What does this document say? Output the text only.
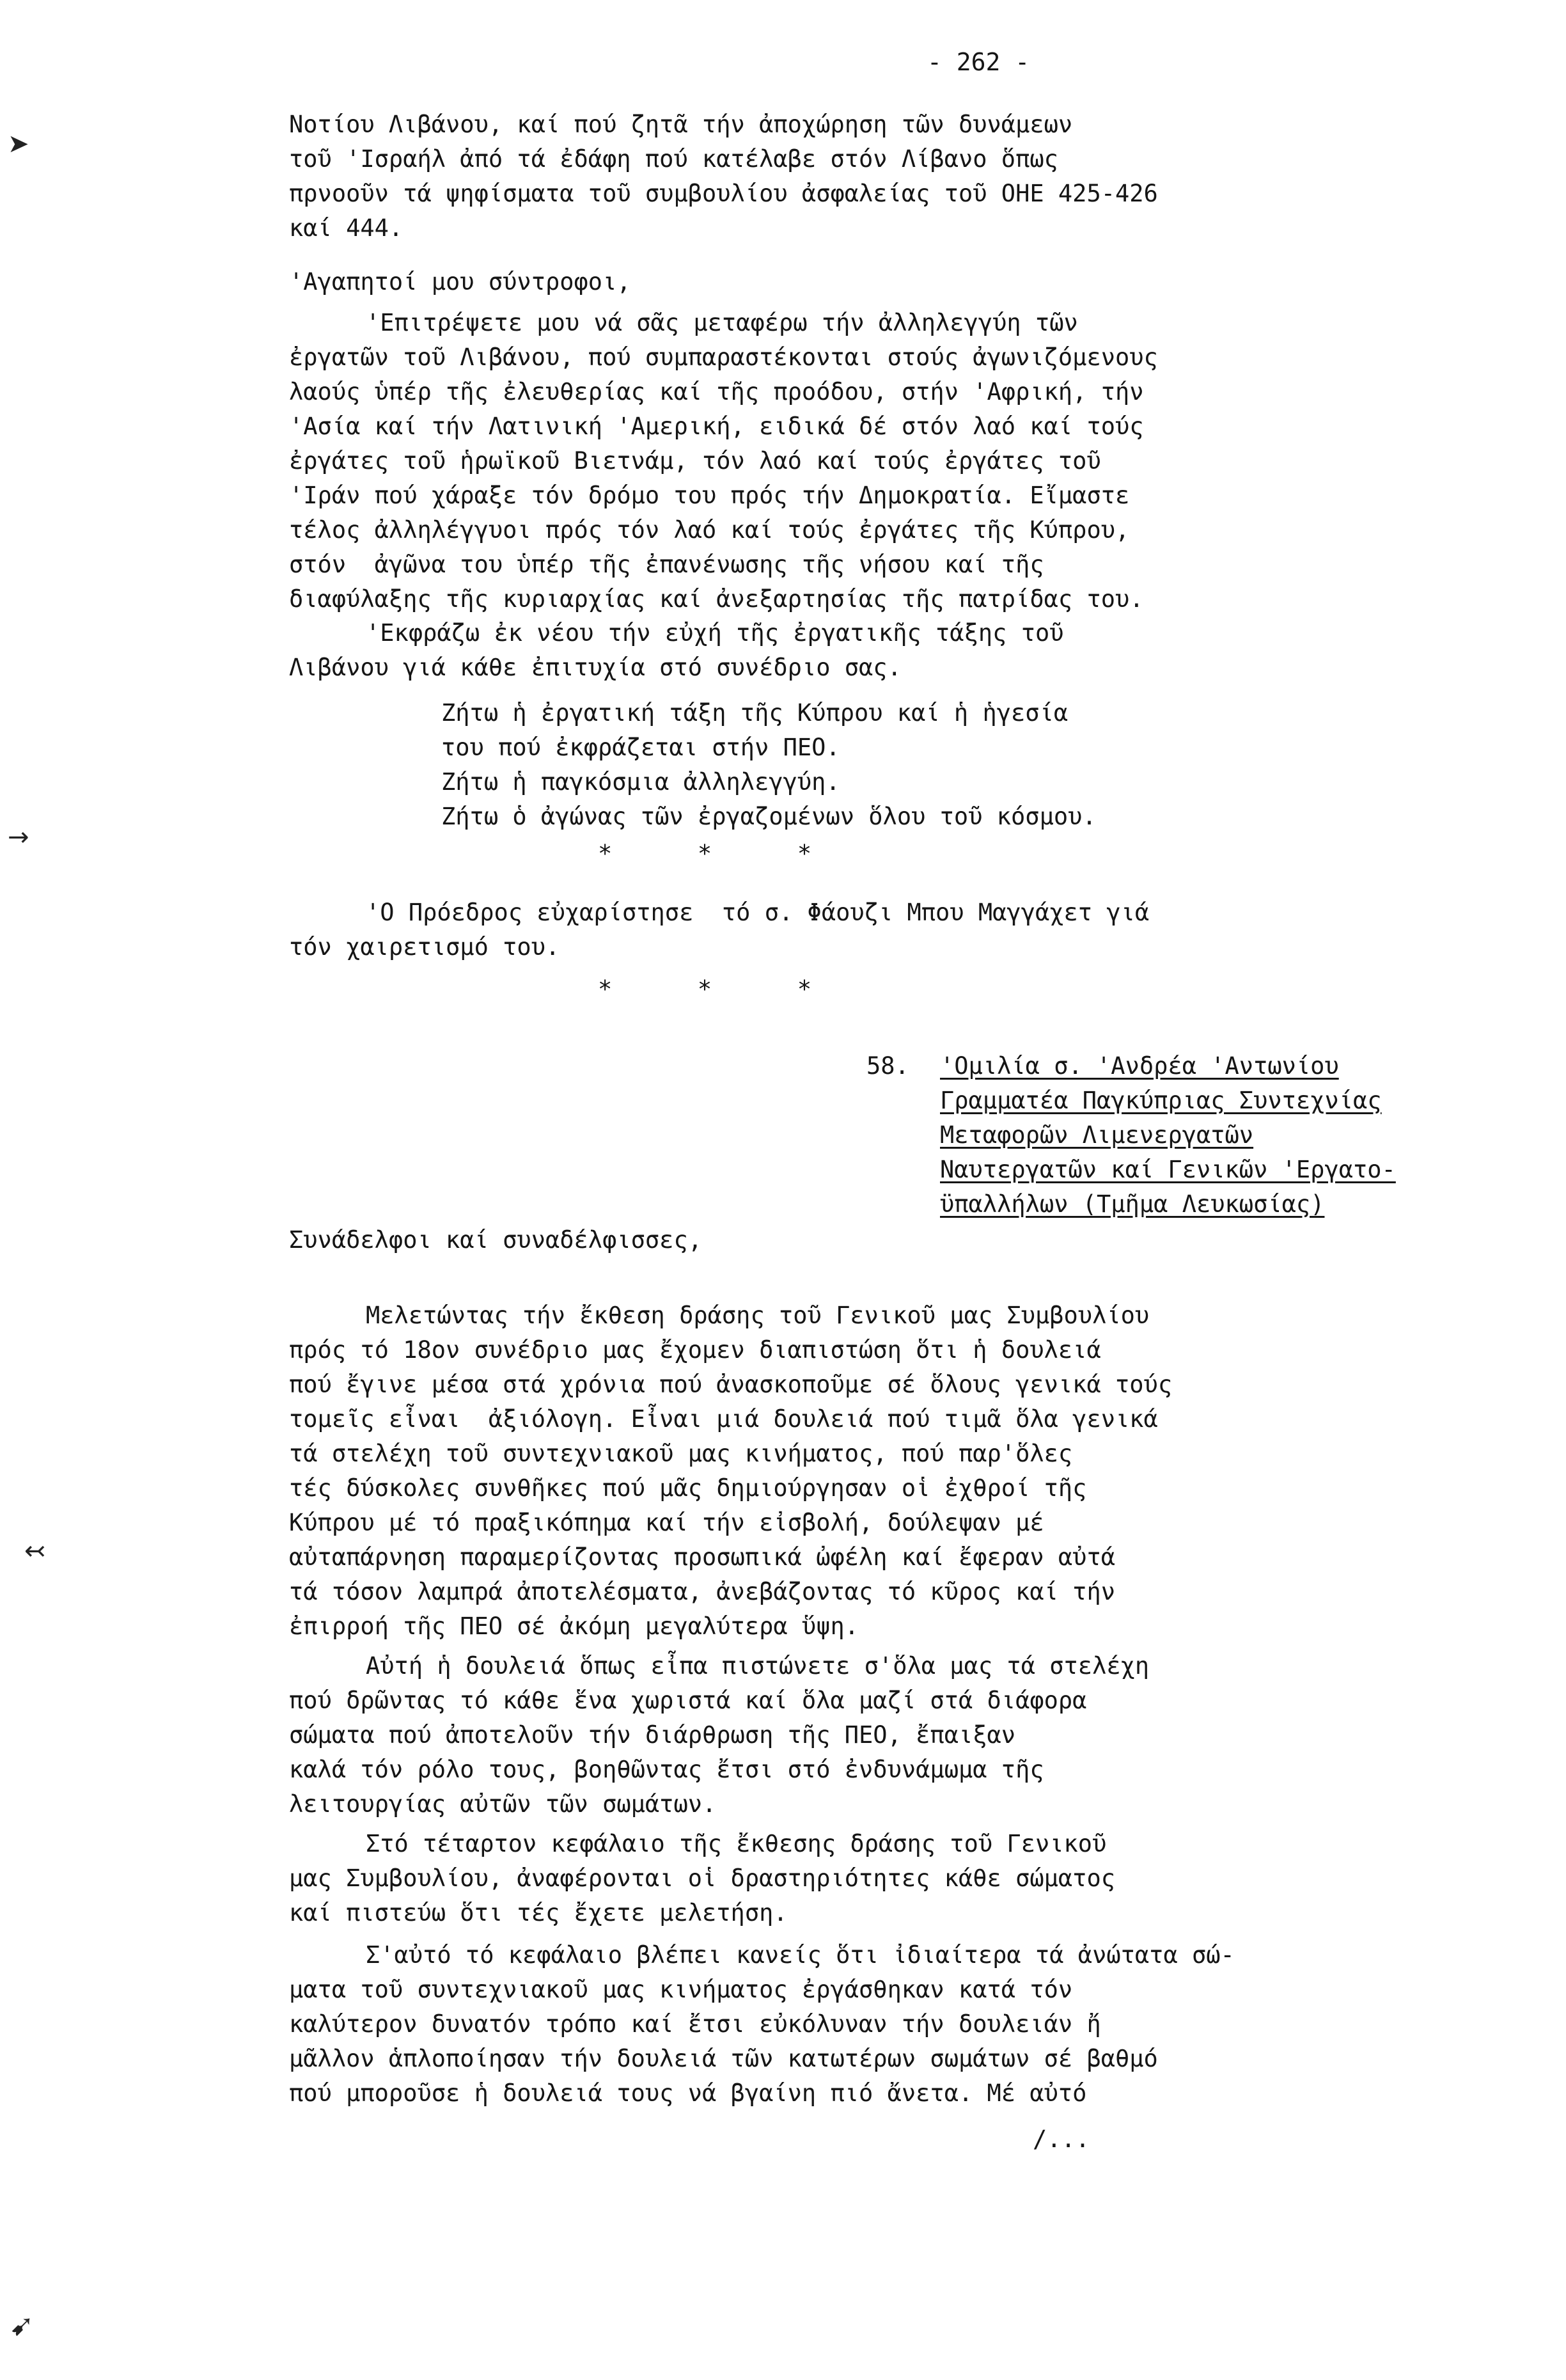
- 262 -
➤
→
↢
➹
Νοτίου Λιβάνου, καί πού ζητᾶ τήν ἀποχώρηση τῶν δυνάμεων
τοῦ 'Ισραήλ ἀπό τά ἐδάφη πού κατέλαβε στόν Λίβανο ὅπως
πρνοοῦν τά ψηφίσματα τοῦ συμβουλίου ἀσφαλείας τοῦ ΟΗΕ 425-426
καί 444.
'Αγαπητοί μου σύντροφοι,
'Επιτρέψετε μου νά σᾶς μεταφέρω τήν ἀλληλεγγύη τῶν
ἐργατῶν τοῦ Λιβάνου, πού συμπαραστέκονται στούς ἀγωνιζόμενους
λαούς ὑπέρ τῆς ἐλευθερίας καί τῆς προόδου, στήν 'Αφρική, τήν
'Ασία καί τήν Λατινική 'Αμερική, ειδικά δέ στόν λαό καί τούς
ἐργάτες τοῦ ἡρωϊκοῦ Βιετνάμ, τόν λαό καί τούς ἐργάτες τοῦ
'Ιράν πού χάραξε τόν δρόμο του πρός τήν Δημοκρατία. Εἴμαστε
τέλος ἀλληλέγγυοι πρός τόν λαό καί τούς ἐργάτες τῆς Κύπρου,
στόν  ἀγῶνα του ὑπέρ τῆς ἐπανένωσης τῆς νήσου καί τῆς
διαφύλαξης τῆς κυριαρχίας καί ἀνεξαρτησίας τῆς πατρίδας του.
'Εκφράζω ἐκ νέου τήν εὐχή τῆς ἐργατικῆς τάξης τοῦ
Λιβάνου γιά κάθε ἐπιτυχία στό συνέδριο σας.
Ζήτω ἡ ἐργατική τάξη τῆς Κύπρου καί ἡ ἡγεσία
του πού ἐκφράζεται στήν ΠΕΟ.
Ζήτω ἡ παγκόσμια ἀλληλεγγύη.
Ζήτω ὁ ἀγώνας τῶν ἐργαζομένων ὅλου τοῦ κόσμου.
*      *      *
'Ο Πρόεδρος εὐχαρίστησε  τό σ. Φάουζι Μπου Μαγγάχετ γιά
τόν χαιρετισμό του.
*      *      *
58. 'Ομιλία σ. 'Ανδρέα 'Αντωνίου
Γραμματέα Παγκύπριας Συντεχνίας
Μεταφορῶν Λιμενεργατῶν
Ναυτεργατῶν καί Γενικῶν 'Εργατο-
ϋπαλλήλων (Τμῆμα Λευκωσίας)
Συνάδελφοι καί συναδέλφισσες,
Μελετώντας τήν ἔκθεση δράσης τοῦ Γενικοῦ μας Συμβουλίου
πρός τό 18ον συνέδριο μας ἔχομεν διαπιστώση ὅτι ἡ δουλειά
πού ἔγινε μέσα στά χρόνια πού ἀνασκοποῦμε σέ ὅλους γενικά τούς
τομεῖς εἶναι  ἀξιόλογη. Εἶναι μιά δουλειά πού τιμᾶ ὅλα γενικά
τά στελέχη τοῦ συντεχνιακοῦ μας κινήματος, πού παρ'ὅλες
τές δύσκολες συνθῆκες πού μᾶς δημιούργησαν οἱ ἐχθροί τῆς
Κύπρου μέ τό πραξικόπημα καί τήν εἰσβολή, δούλεψαν μέ
αὐταπάρνηση παραμερίζοντας προσωπικά ὠφέλη καί ἔφεραν αὐτά
τά τόσον λαμπρά ἀποτελέσματα, ἀνεβάζοντας τό κῦρος καί τήν
ἐπιρροή τῆς ΠΕΟ σέ ἀκόμη μεγαλύτερα ὕψη.
Αὐτή ἡ δουλειά ὅπως εἶπα πιστώνετε σ'ὅλα μας τά στελέχη
πού δρῶντας τό κάθε ἕνα χωριστά καί ὅλα μαζί στά διάφορα
σώματα πού ἀποτελοῦν τήν διάρθρωση τῆς ΠΕΟ, ἔπαιξαν
καλά τόν ρόλο τους, βοηθῶντας ἔτσι στό ἐνδυνάμωμα τῆς
λειτουργίας αὐτῶν τῶν σωμάτων.
Στό τέταρτον κεφάλαιο τῆς ἔκθεσης δράσης τοῦ Γενικοῦ
μας Συμβουλίου, ἀναφέρονται οἱ δραστηριότητες κάθε σώματος
καί πιστεύω ὅτι τές ἔχετε μελετήση.
Σ'αὐτό τό κεφάλαιο βλέπει κανείς ὅτι ἰδιαίτερα τά ἀνώτατα σώ-
ματα τοῦ συντεχνιακοῦ μας κινήματος ἐργάσθηκαν κατά τόν
καλύτερον δυνατόν τρόπο καί ἔτσι εὐκόλυναν τήν δουλειάν ἤ
μᾶλλον ἁπλοποίησαν τήν δουλειά τῶν κατωτέρων σωμάτων σέ βαθμό
πού μποροῦσε ἡ δουλειά τους νά βγαίνη πιό ἄνετα. Μέ αὐτό
/...
